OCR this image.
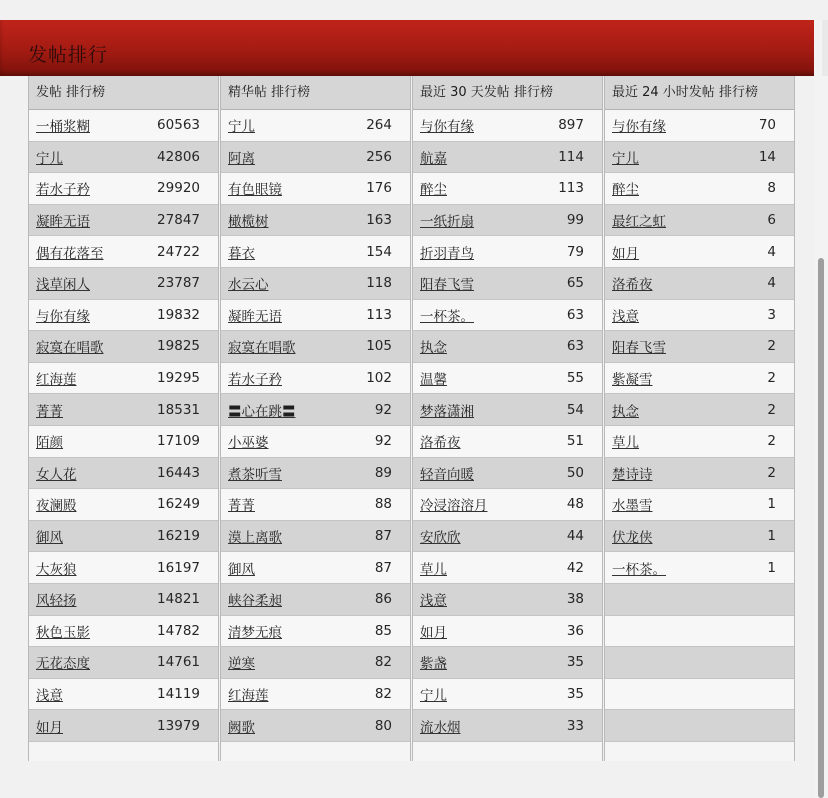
发帖排行
发帖 排行榜
一桶浆糊	60563
宁儿	42806
若水子矜	29920
凝眸无语	27847
偶有花落至	24722
浅草闲人	23787
与你有缘	19832
寂寞在唱歌	19825
红海莲	19295
菁菁	18531
陌颜	17109
女人花	16443
夜澜殿	16249
御风	16219
大灰狼	16197
风轻扬	14821
秋色玉影	14782
无花态度	14761
浅意	14119
如月	13979
精华帖 排行榜
宁儿	264
阿离	256
有色眼镜	176
橄榄树	163
暮衣	154
水云心	118
凝眸无语	113
寂寞在唱歌	105
若水子矜	102
〓心在跳〓	92
小巫婆	92
煮茶听雪	89
菁菁	88
漠上离歌	87
御风	87
峡谷柔昶	86
清梦无痕	85
逆寒	82
红海莲	82
阙歌	80
最近 30 天发帖 排行榜
与你有缘	897
航嘉	114
醉尘	113
一纸折扇	99
折羽青鸟	79
阳春飞雪	65
一杯茶。	63
执念	63
温馨	55
梦落潇湘	54
洛希夜	51
轻音向暖	50
冷浸溶溶月	48
安欣欣	44
草儿	42
浅意	38
如月	36
紫盏	35
宁儿	35
流水烟	33
最近 24 小时发帖 排行榜
与你有缘	70
宁儿	14
醉尘	8
最红之虹	6
如月	4
洛希夜	4
浅意	3
阳春飞雪	2
紫凝雪	2
执念	2
草儿	2
楚诗诗	2
水墨雪	1
伏龙侠	1
一杯茶。	1
